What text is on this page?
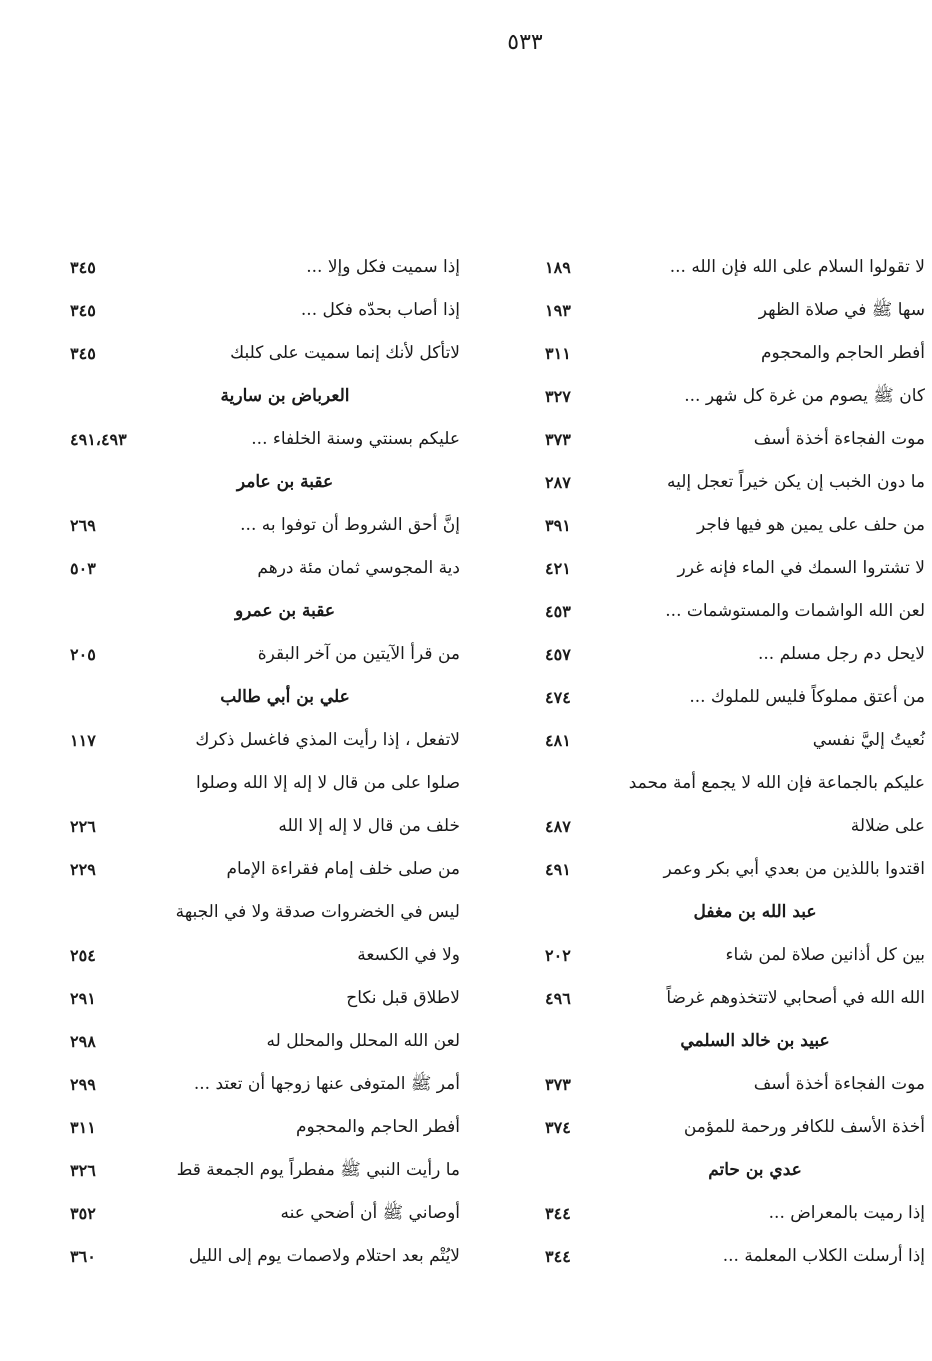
٥٣٣
لا تقولوا السلام على الله فإن الله ...
١٨٩
سها ﷺ في صلاة الظهر
١٩٣
أفطر الحاجم والمحجوم
٣١١
كان ﷺ يصوم من غرة كل شهر ...
٣٢٧
موت الفجاءة أخذة أسف
٣٧٣
ما دون الخبب إن يكن خيراً تعجل إليه
٢٨٧
من حلف على يمين هو فيها فاجر
٣٩١
لا تشتروا السمك في الماء فإنه غرر
٤٢١
لعن الله الواشمات والمستوشمات ...
٤٥٣
لايحل دم رجل مسلم ...
٤٥٧
من أعتق مملوكاً فليس للملوك ...
٤٧٤
نُعيتُ إليَّ نفسي
٤٨١
عليكم بالجماعة فإن الله لا يجمع أمة محمد
على ضلالة
٤٨٧
اقتدوا باللذين من بعدي أبي بكر وعمر
٤٩١
عبد الله بن مغفل
بين كل أذانين صلاة لمن شاء
٢٠٢
الله الله في أصحابي لاتتخذوهم غرضاً
٤٩٦
عبيد بن خالد السلمي
موت الفجاءة أخذة أسف
٣٧٣
أخذة الأسف للكافر ورحمة للمؤمن
٣٧٤
عدي بن حاتم
إذا رميت بالمعراض ...
٣٤٤
إذا أرسلت الكلاب المعلمة ...
٣٤٤
إذا سميت فكل وإلا ...
٣٤٥
إذا أصاب بحدّه فكل ...
٣٤٥
لاتأكل لأنك إنما سميت على كلبك
٣٤٥
العرباض بن سارية
عليكم بسنتي وسنة الخلفاء ...
٤٩١،٤٩٣
عقبة بن عامر
إنَّ أحق الشروط أن توفوا به ...
٢٦٩
دية المجوسي ثمان مئة درهم
٥٠٣
عقبة بن عمرو
من قرأ الآيتين من آخر البقرة
٢٠٥
علي بن أبي طالب
لاتفعل ، إذا رأيت المذي فاغسل ذكرك
١١٧
صلوا على من قال لا إله إلا الله وصلوا
خلف من قال لا إله إلا الله
٢٢٦
من صلى خلف إمام فقراءة الإمام
٢٢٩
ليس في الخضروات صدقة ولا في الجبهة
ولا في الكسعة
٢٥٤
لاطلاق قبل نكاح
٢٩١
لعن الله المحلل والمحلل له
٢٩٨
أمر ﷺ المتوفى عنها زوجها أن تعتد ...
٢٩٩
أفطر الحاجم والمحجوم
٣١١
ما رأيت النبي ﷺ مفطراً يوم الجمعة قط
٣٢٦
أوصاني ﷺ أن أضحي عنه
٣٥٢
لايُتْم بعد احتلام ولاصمات يوم إلى الليل
٣٦٠
